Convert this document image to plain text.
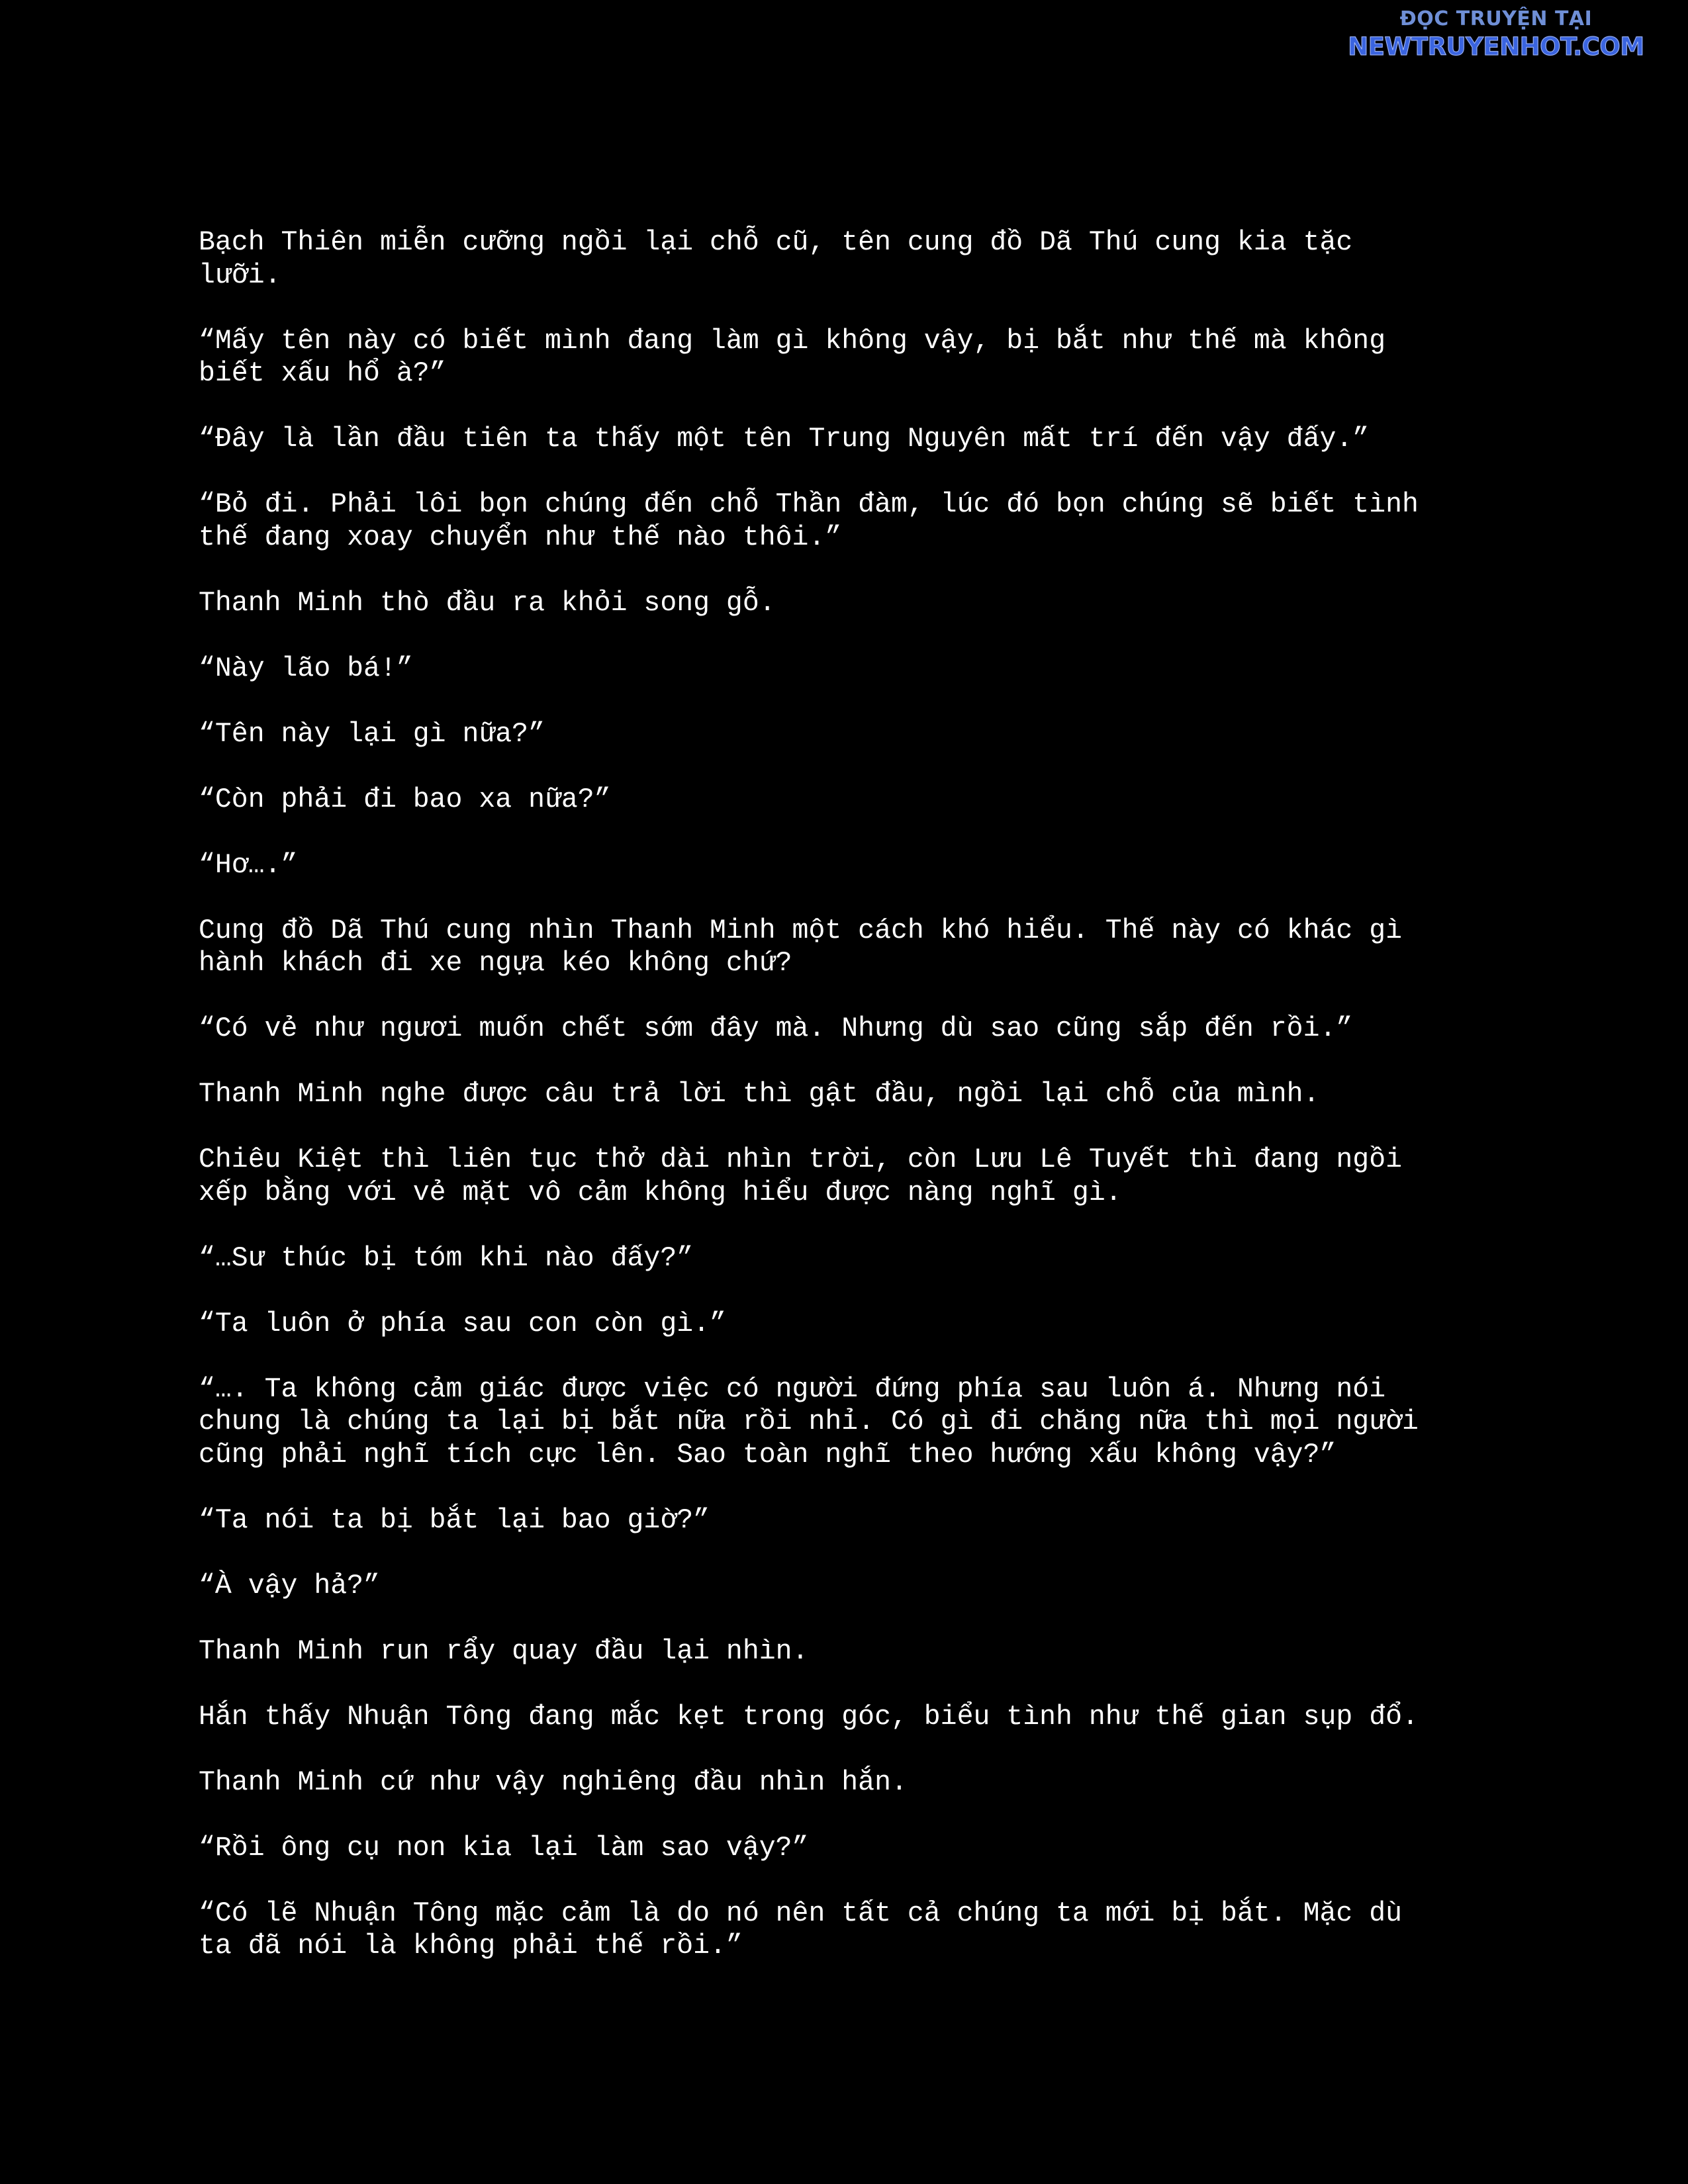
ĐỌC TRUYỆN TẠI
NEWTRUYENHOT.COM

Bạch Thiên miễn cưỡng ngồi lại chỗ cũ, tên cung đồ Dã Thú cung kia tặc
lưỡi.

“Mấy tên này có biết mình đang làm gì không vậy, bị bắt như thế mà không
biết xấu hổ à?”

“Đây là lần đầu tiên ta thấy một tên Trung Nguyên mất trí đến vậy đấy.”

“Bỏ đi. Phải lôi bọn chúng đến chỗ Thần đàm, lúc đó bọn chúng sẽ biết tình
thế đang xoay chuyển như thế nào thôi.”

Thanh Minh thò đầu ra khỏi song gỗ.

“Này lão bá!”

“Tên này lại gì nữa?”

“Còn phải đi bao xa nữa?”

“Hơ….”

Cung đồ Dã Thú cung nhìn Thanh Minh một cách khó hiểu. Thế này có khác gì
hành khách đi xe ngựa kéo không chứ?

“Có vẻ như ngươi muốn chết sớm đây mà. Nhưng dù sao cũng sắp đến rồi.”

Thanh Minh nghe được câu trả lời thì gật đầu, ngồi lại chỗ của mình.

Chiêu Kiệt thì liên tục thở dài nhìn trời, còn Lưu Lê Tuyết thì đang ngồi
xếp bằng với vẻ mặt vô cảm không hiểu được nàng nghĩ gì.

“…Sư thúc bị tóm khi nào đấy?”

“Ta luôn ở phía sau con còn gì.”

“…. Ta không cảm giác được việc có người đứng phía sau luôn á. Nhưng nói
chung là chúng ta lại bị bắt nữa rồi nhỉ. Có gì đi chăng nữa thì mọi người
cũng phải nghĩ tích cực lên. Sao toàn nghĩ theo hướng xấu không vậy?”

“Ta nói ta bị bắt lại bao giờ?”

“À vậy hả?”

Thanh Minh run rẩy quay đầu lại nhìn.

Hắn thấy Nhuận Tông đang mắc kẹt trong góc, biểu tình như thế gian sụp đổ.

Thanh Minh cứ như vậy nghiêng đầu nhìn hắn.

“Rồi ông cụ non kia lại làm sao vậy?”

“Có lẽ Nhuận Tông mặc cảm là do nó nên tất cả chúng ta mới bị bắt. Mặc dù
ta đã nói là không phải thế rồi.”
